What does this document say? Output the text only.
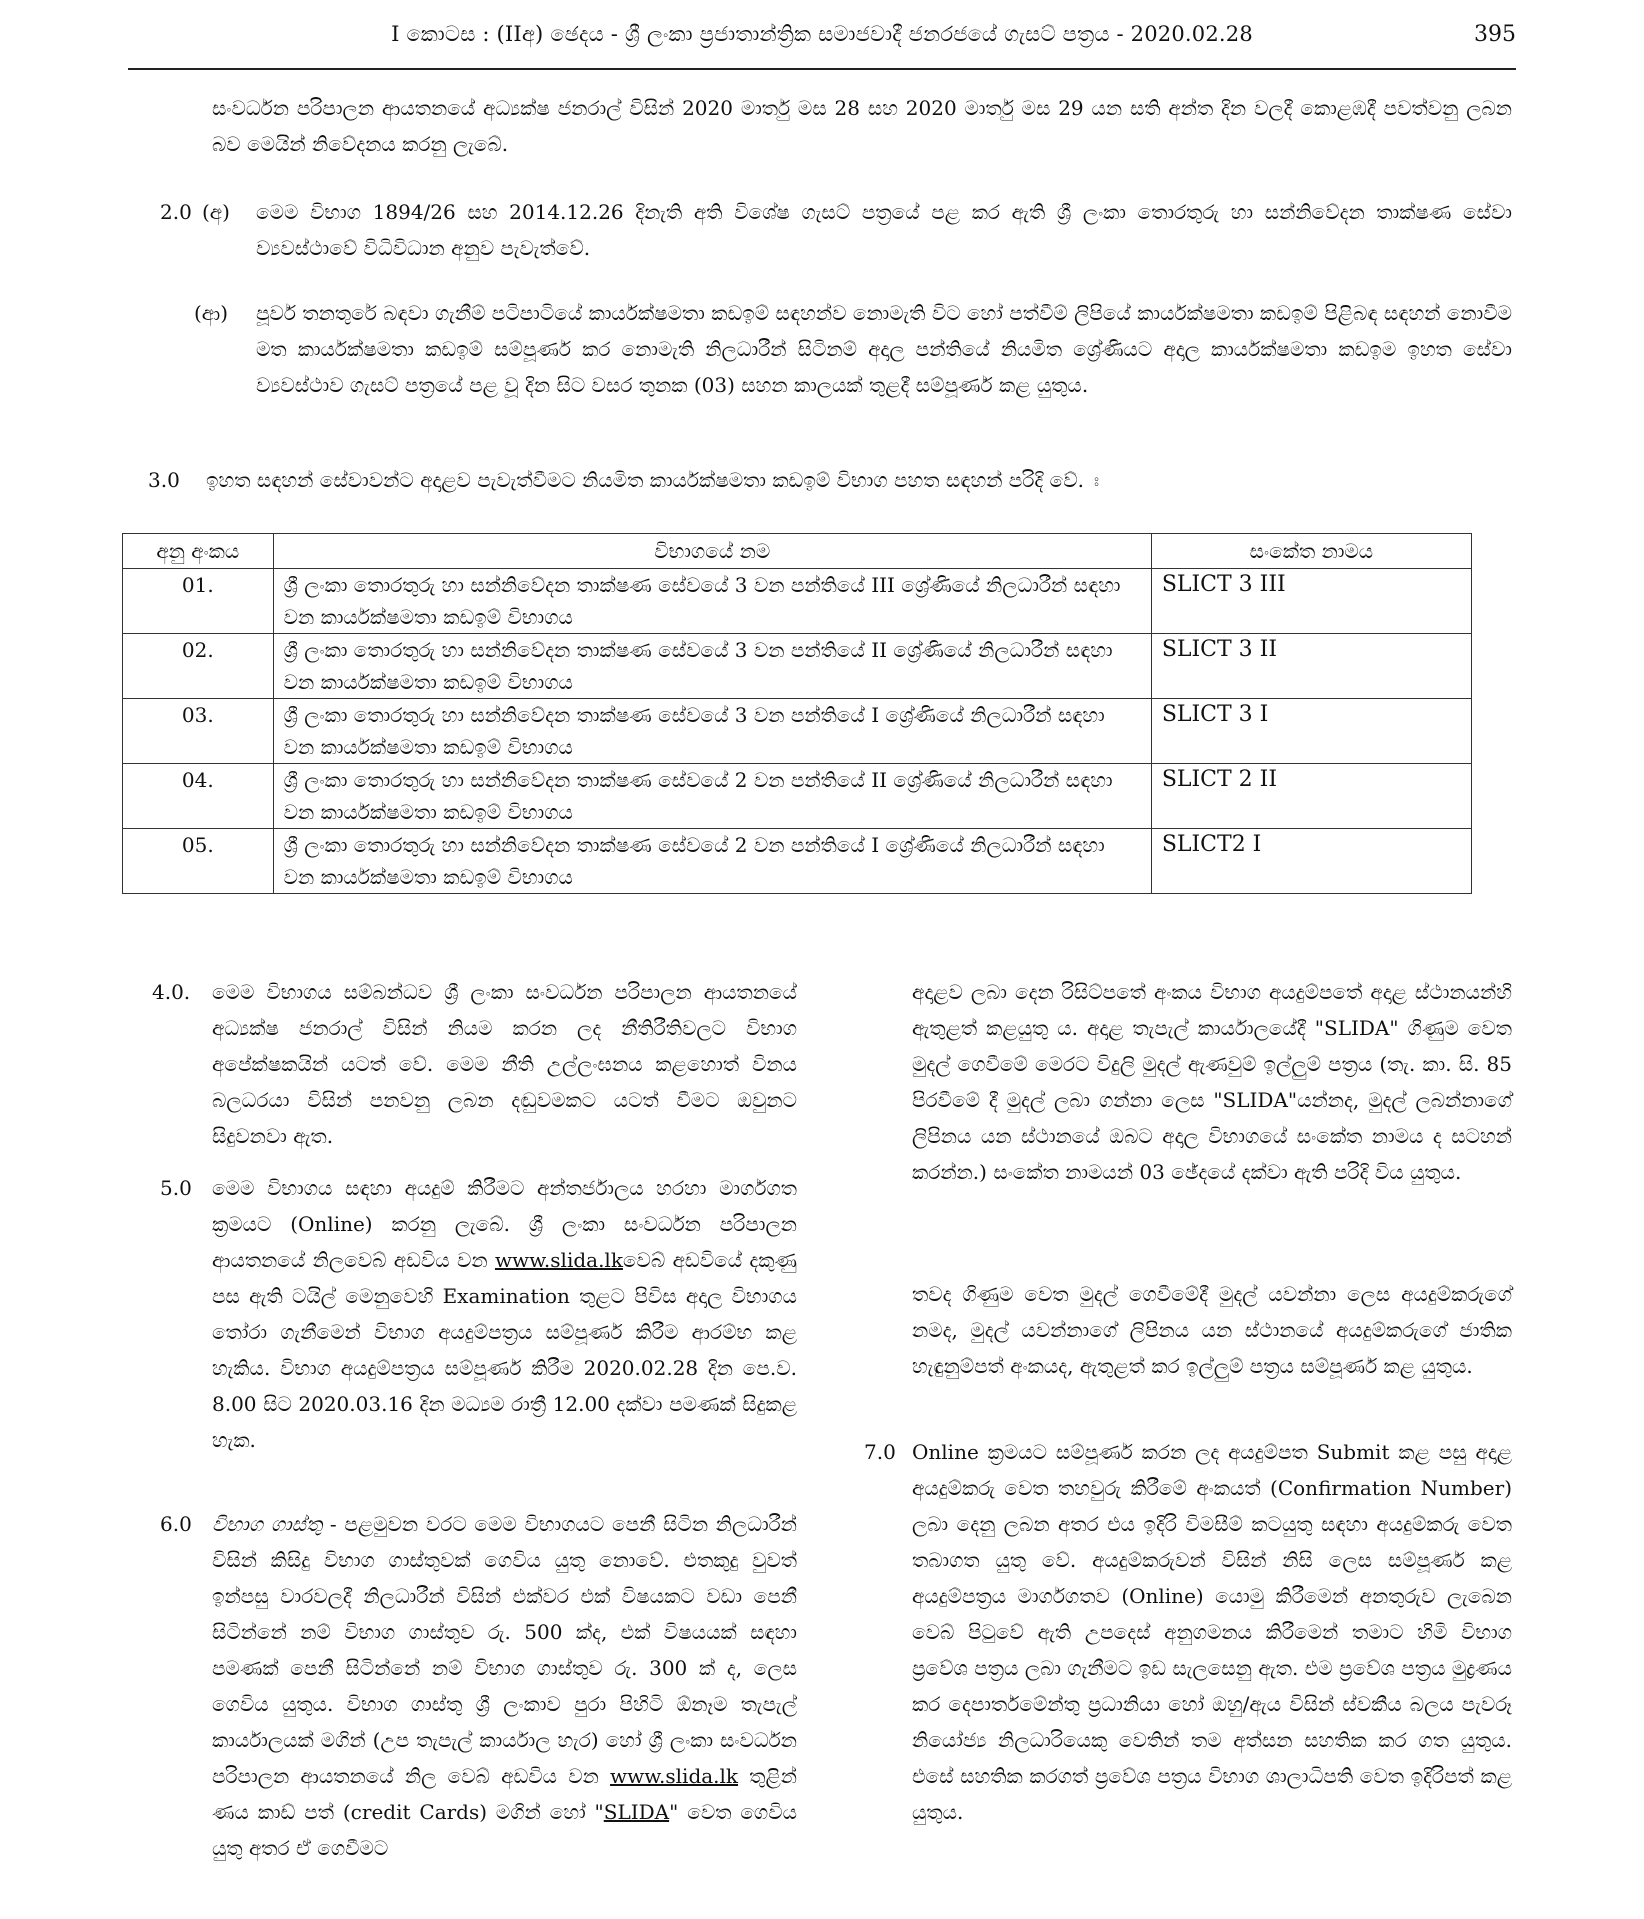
I කොටස : (IIඅ) ඡෙදය - ශ්‍රී ලංකා ප්‍රජාතාන්ත්‍රික සමාජවාදී ජනරජයේ ගැසට් පත්‍රය - 2020.02.28	395
සංවර්ධන පරිපාලන ආයතනයේ අධ්‍යක්ෂ ජනරාල් විසින් 2020 මාර්තු මස 28 සහ 2020 මාර්තු මස 29 යන සති අන්ත දින වලදී කොළඹදී පවත්වනු ලබන බව මෙයින් නිවේදනය කරනු ලැබේ.
2.0 (අ) මෙම විභාග 1894/26 සහ 2014.12.26 දිනැති අති විශේෂ ගැසට් පත්‍රයේ පළ කර ඇති ශ්‍රී ලංකා තොරතුරු හා සන්නිවේදන තාක්ෂණ සේවා ව්‍යවස්ථාවේ විධිවිධාන අනුව පැවැත්වේ.
(ආ) පූර්ව තනතුරේ බඳවා ගැනීම් පටිපාටියේ කාර්යක්ෂමතා කඩඉම් සඳහන්ව නොමැති විට හෝ පත්වීම් ලිපියේ කාර්යක්ෂමතා කඩඉම් පිළිබඳ සඳහන් නොවීම මත කාර්යක්ෂමතා කඩඉම් සම්පූර්ණ කර නොමැති නිලධාරීන් සිටිනම් අදාල පන්තියේ නියමිත ශ්‍රේණියට අදාල කාර්යක්ෂමතා කඩඉම ඉහත සේවා ව්‍යවස්ථාව ගැසට් පත්‍රයේ පළ වූ දින සිට වසර තුනක (03) සහන කාලයක් තුළදී සම්පූර්ණ කළ යුතුය.
3.0 ඉහත සඳහන් සේවාවන්ට අදාළව පැවැත්වීමට නියමිත කාර්යක්ෂමතා කඩඉම් විභාග පහත සඳහන් පරිදි වේ. ඃ
අනු අංකය	විභාගයේ නම	සංකේත නාමය
01.	ශ්‍රී ලංකා තොරතුරු හා සන්නිවේදන තාක්ෂණ සේවයේ 3 වන පන්තියේ III ශ්‍රේණියේ නිලධාරීන් සඳහා වන කාර්යක්ෂමතා කඩඉම් විභාගය	SLICT 3 III
02.	ශ්‍රී ලංකා තොරතුරු හා සන්නිවේදන තාක්ෂණ සේවයේ 3 වන පන්තියේ II ශ්‍රේණියේ නිලධාරීන් සඳහා වන කාර්යක්ෂමතා කඩඉම් විභාගය	SLICT 3 II
03.	ශ්‍රී ලංකා තොරතුරු හා සන්නිවේදන තාක්ෂණ සේවයේ 3 වන පන්තියේ I ශ්‍රේණියේ නිලධාරීන් සඳහා වන කාර්යක්ෂමතා කඩඉම් විභාගය	SLICT 3 I
04.	ශ්‍රී ලංකා තොරතුරු හා සන්නිවේදන තාක්ෂණ සේවයේ 2 වන පන්තියේ II ශ්‍රේණියේ නිලධාරීන් සඳහා වන කාර්යක්ෂමතා කඩඉම් විභාගය	SLICT 2 II
05.	ශ්‍රී ලංකා තොරතුරු හා සන්නිවේදන තාක්ෂණ සේවයේ 2 වන පන්තියේ I ශ්‍රේණියේ නිලධාරීන් සඳහා වන කාර්යක්ෂමතා කඩඉම් විභාගය	SLICT2 I
4.0. මෙම විභාගය සම්බන්ධව ශ්‍රී ලංකා සංවර්ධන පරිපාලන ආයතනයේ අධ්‍යක්ෂ ජනරාල් විසින් නියම කරන ලද නීතිරීතිවලට විභාග අපේක්ෂකයින් යටත් වේ. මෙම නීති උල්ලංඝනය කළහොත් විනය බලධරයා විසින් පනවනු ලබන දඬුවමකට යටත් වීමට ඔවුනට සිදුවනවා ඇත.
5.0 මෙම විභාගය සඳහා අයදුම් කිරීමට අන්තර්ජාලය හරහා මාර්ගගත ක්‍රමයට (Online) කරනු ලැබේ. ශ්‍රී ලංකා සංවර්ධන පරිපාලන ආයතනයේ නිලවෙබ් අඩවිය වන www.slida.lkවෙබ් අඩවියේ දකුණු පස ඇති ටයිල් මෙනුවෙහි Examination තුළට පිවිස අදාල විභාගය තෝරා ගැනීමෙන් විභාග අයදුම්පත්‍රය සම්පූර්ණ කිරීම ආරම්භ කළ හැකිය. විභාග අයදුම්පත්‍රය සම්පූර්ණ කිරීම 2020.02.28 දින පෙ.ව. 8.00 සිට 2020.03.16 දින මධ්‍යම රාත්‍රී 12.00 දක්වා පමණක් සිදුකළ හැක.
6.0 විභාග ගාස්තු - පළමුවන වරට මෙම විභාගයට පෙනී සිටින නිලධාරීන් විසින් කිසිදු විභාග ගාස්තුවක් ගෙවිය යුතු නොවේ. එතකුදු වුවත් ඉන්පසු වාරවලදී නිලධාරීන් විසින් එක්වර එක් විෂයකට වඩා පෙනී සිටින්නේ නම් විභාග ගාස්තුව රු. 500 ක්ද, එක් විෂයයක් සඳහා පමණක් පෙනී සිටින්නේ නම් විභාග ගාස්තුව රු. 300 ක් ද, ලෙස ගෙවිය යුතුය. විභාග ගාස්තු ශ්‍රී ලංකාව පුරා පිහිටි ඕනෑම තැපැල් කාර්යාලයක් මගින් (උප තැපැල් කාර්යාල හැර) හෝ ශ්‍රී ලංකා සංවර්ධන පරිපාලන ආයතනයේ නිල වෙබ් අඩවිය වන www.slida.lk තුළින් ණය කාඩ් පත් (credit Cards) මගින් හෝ "SLIDA" වෙත ගෙවිය යුතු අතර ඒ ගෙවීමට
අදාළව ලබා දෙන රිසිට්පතේ අංකය විභාග අයදුම්පතේ අදාළ ස්ථානයන්හි ඇතුළත් කළයුතු ය. අදාළ තැපැල් කාර්යාලයේදී "SLIDA" ගිණුම වෙත මුදල් ගෙවීමේ මෙරට විදුලි මුදල් ඇණවුම් ඉල්ලුම් පත්‍රය (තැ. කා. සි. 85 පිරවීමේ දී මුදල් ලබා ගන්නා ලෙස "SLIDA"යන්නද, මුදල් ලබන්නාගේ ලිපිනය යන ස්ථානයේ ඔබට අදාල විභාගයේ සංකේත නාමය ද සටහන් කරන්න.) සංකේත නාමයන් 03 ඡේදයේ දක්වා ඇති පරිදි විය යුතුය.
තවද ගිණුම වෙත මුදල් ගෙවීමේදී මුදල් යවන්නා ලෙස අයදුම්කරුගේ නමද, මුදල් යවන්නාගේ ලිපිනය යන ස්ථානයේ අයදුම්කරුගේ ජාතික හැඳුනුම්පත් අංකයද, ඇතුළත් කර ඉල්ලුම් පත්‍රය සම්පූර්ණ කළ යුතුය.
7.0 Online ක්‍රමයට සම්පූර්ණ කරන ලද අයදුම්පත Submit කළ පසු අදාළ අයදුම්කරු වෙත තහවුරු කිරීමේ අංකයත් (Confirmation Number) ලබා දෙනු ලබන අතර එය ඉදිරි විමසීම් කටයුතු සඳහා අයදුම්කරු වෙත තබාගත යුතු වේ. අයදුම්කරුවන් විසින් නිසි ලෙස සම්පූර්ණ කළ අයදුම්පත්‍රය මාර්ගගතව (Online) යොමු කිරීමෙන් අනතුරුව ලැබෙන වෙබ් පිටුවේ ඇති උපදෙස් අනුගමනය කිරීමෙන් තමාට හිමි විභාග ප්‍රවේශ පත්‍රය ලබා ගැනීමට ඉඩ සැලසෙනු ඇත. එම ප්‍රවේශ පත්‍රය මුද්‍රණය කර දෙපාර්තමේන්තු ප්‍රධානියා හෝ ඔහු/ඇය විසින් ස්වකීය බලය පැවරූ නියෝජ්‍ය නිලධාරියෙකු වෙතින් තම අත්සන සහතික කර ගත යුතුය. එසේ සහතික කරගත් ප්‍රවේශ පත්‍රය විභාග ශාලාධිපති වෙත ඉදිරිපත් කළ යුතුය.
